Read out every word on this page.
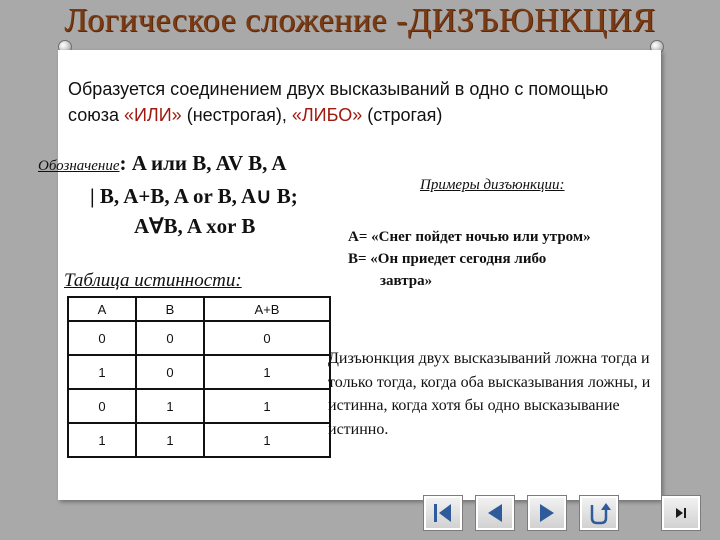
Логическое сложение -ДИЗЪЮНКЦИЯ
Образуется соединением двух высказываний в одно с помощью союза «ИЛИ» (нестрогая), «ЛИБО» (строгая)
Обозначение: A или B, AV B, A
| B, A+B, A or B, A∪ B;
A∀B, A xor B
Примеры дизъюнкции:
A= «Снег пойдет ночью или утром»
B= «Он приедет сегодня либо
завтра»
Таблица истинности:
A	B	A+B
0	0	0
1	0	1
0	1	1
1	1	1
Дизъюнкция двух высказываний ложна тогда и только тогда, когда оба высказывания ложны, и истинна, когда хотя бы одно высказывание истинно.
